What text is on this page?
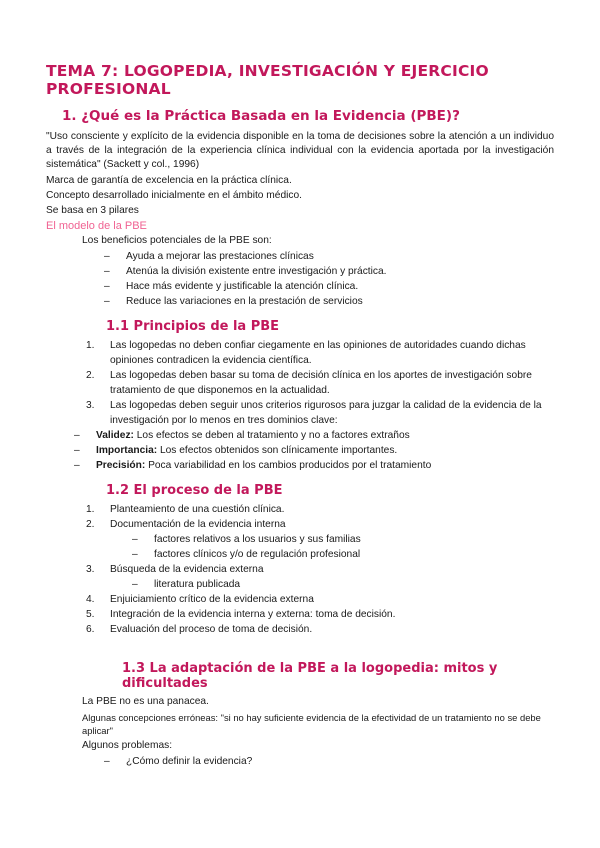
TEMA 7: LOGOPEDIA, INVESTIGACIÓN Y EJERCICIO PROFESIONAL
1. ¿Qué es la Práctica Basada en la Evidencia (PBE)?

"Uso consciente y explícito de la evidencia disponible en la toma de decisiones sobre la atención a un individuo a través de la integración de la experiencia clínica individual con la evidencia aportada por la investigación sistemática" (Sackett y col., 1996)

Marca de garantía de excelencia en la práctica clínica.

Concepto desarrollado inicialmente en el ámbito médico.

Se basa en 3 pilares

El modelo de la PBE

Los beneficios potenciales de la PBE son:

–	Ayuda a mejorar las prestaciones clínicas
–	Atenúa la división existente entre investigación y práctica.
–	Hace más evidente y justificable la atención clínica.
–	Reduce las variaciones en la prestación de servicios
1.1 Principios de la PBE
1.	Las logopedas no deben confiar ciegamente en las opiniones de autoridades cuando dichas opiniones contradicen la evidencia científica.
2.	Las logopedas deben basar su toma de decisión clínica en los aportes de investigación sobre tratamiento de que disponemos en la actualidad.
3.	Las logopedas deben seguir unos criterios rigurosos para juzgar la calidad de la evidencia de la investigación por lo menos en tres dominios clave:
–	Validez: Los efectos se deben al tratamiento y no a factores extraños
–	Importancia: Los efectos obtenidos son clínicamente importantes.
–	Precisión: Poca variabilidad en los cambios producidos por el tratamiento
1.2 El proceso de la PBE
1.	Planteamiento de una cuestión clínica.
2.	Documentación de la evidencia interna
–	factores relativos a los usuarios y sus familias
–	factores clínicos y/o de regulación profesional
3.	Búsqueda de la evidencia externa
–	literatura publicada
4.	Enjuiciamiento crítico de la evidencia externa
5.	Integración de la evidencia interna y externa: toma de decisión.
6.	Evaluación del proceso de toma de decisión.
1.3 La adaptación de la PBE a la logopedia: mitos y dificultades

La PBE no es una panacea.

Algunas concepciones erróneas: "si no hay suficiente evidencia de la efectividad de un tratamiento no se debe aplicar"

Algunos problemas:

–	¿Cómo definir la evidencia?
